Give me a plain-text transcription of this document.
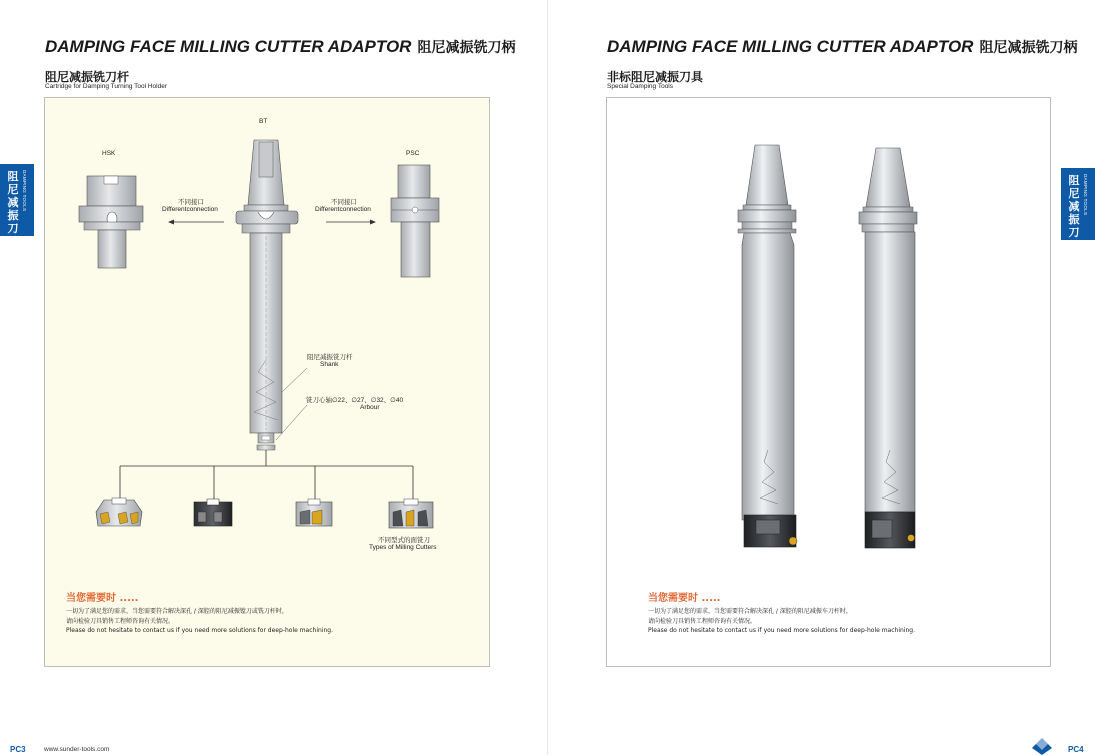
DAMPING FACE MILLING CUTTER ADAPTOR 阻尼减振铣刀柄
阻尼减振铣刀杆
Cartridge for Damping Turning Tool Holder
阻尼减振刀具
DAMPING TOOLS
BT
HSK	PSC
不同接口
Differentconnection
不同接口
Differentconnection
阻尼减振铣刀杆
Shank
铣刀心轴∅22、∅27、∅32、∅40
Arbour
不同型式的面铣刀
Types of Milling Cutters
当您需要时 .....
一切为了满足您的需求，当您需要符合解决深孔 / 深腔的阻尼减振镗刀或铣刀杆时，
请向检验刀具销售工程师咨询有关情况。
Please do not hesitate to contact us if you need more solutions for deep-hole machining.
www.sunder-tools.com
PC3
DAMPING FACE MILLING CUTTER ADAPTOR 阻尼减振铣刀柄
非标阻尼减振刀具
Special Damping Tools
阻尼减振刀具
DAMPING TOOLS
当您需要时 .....
一切为了满足您的需求，当您需要符合解决深孔 / 深腔的阻尼减振车刀杆时，
请向检验刀具销售工程师咨询有关情况。
Please do not hesitate to contact us if you need more solutions for deep-hole machining.
PC4
